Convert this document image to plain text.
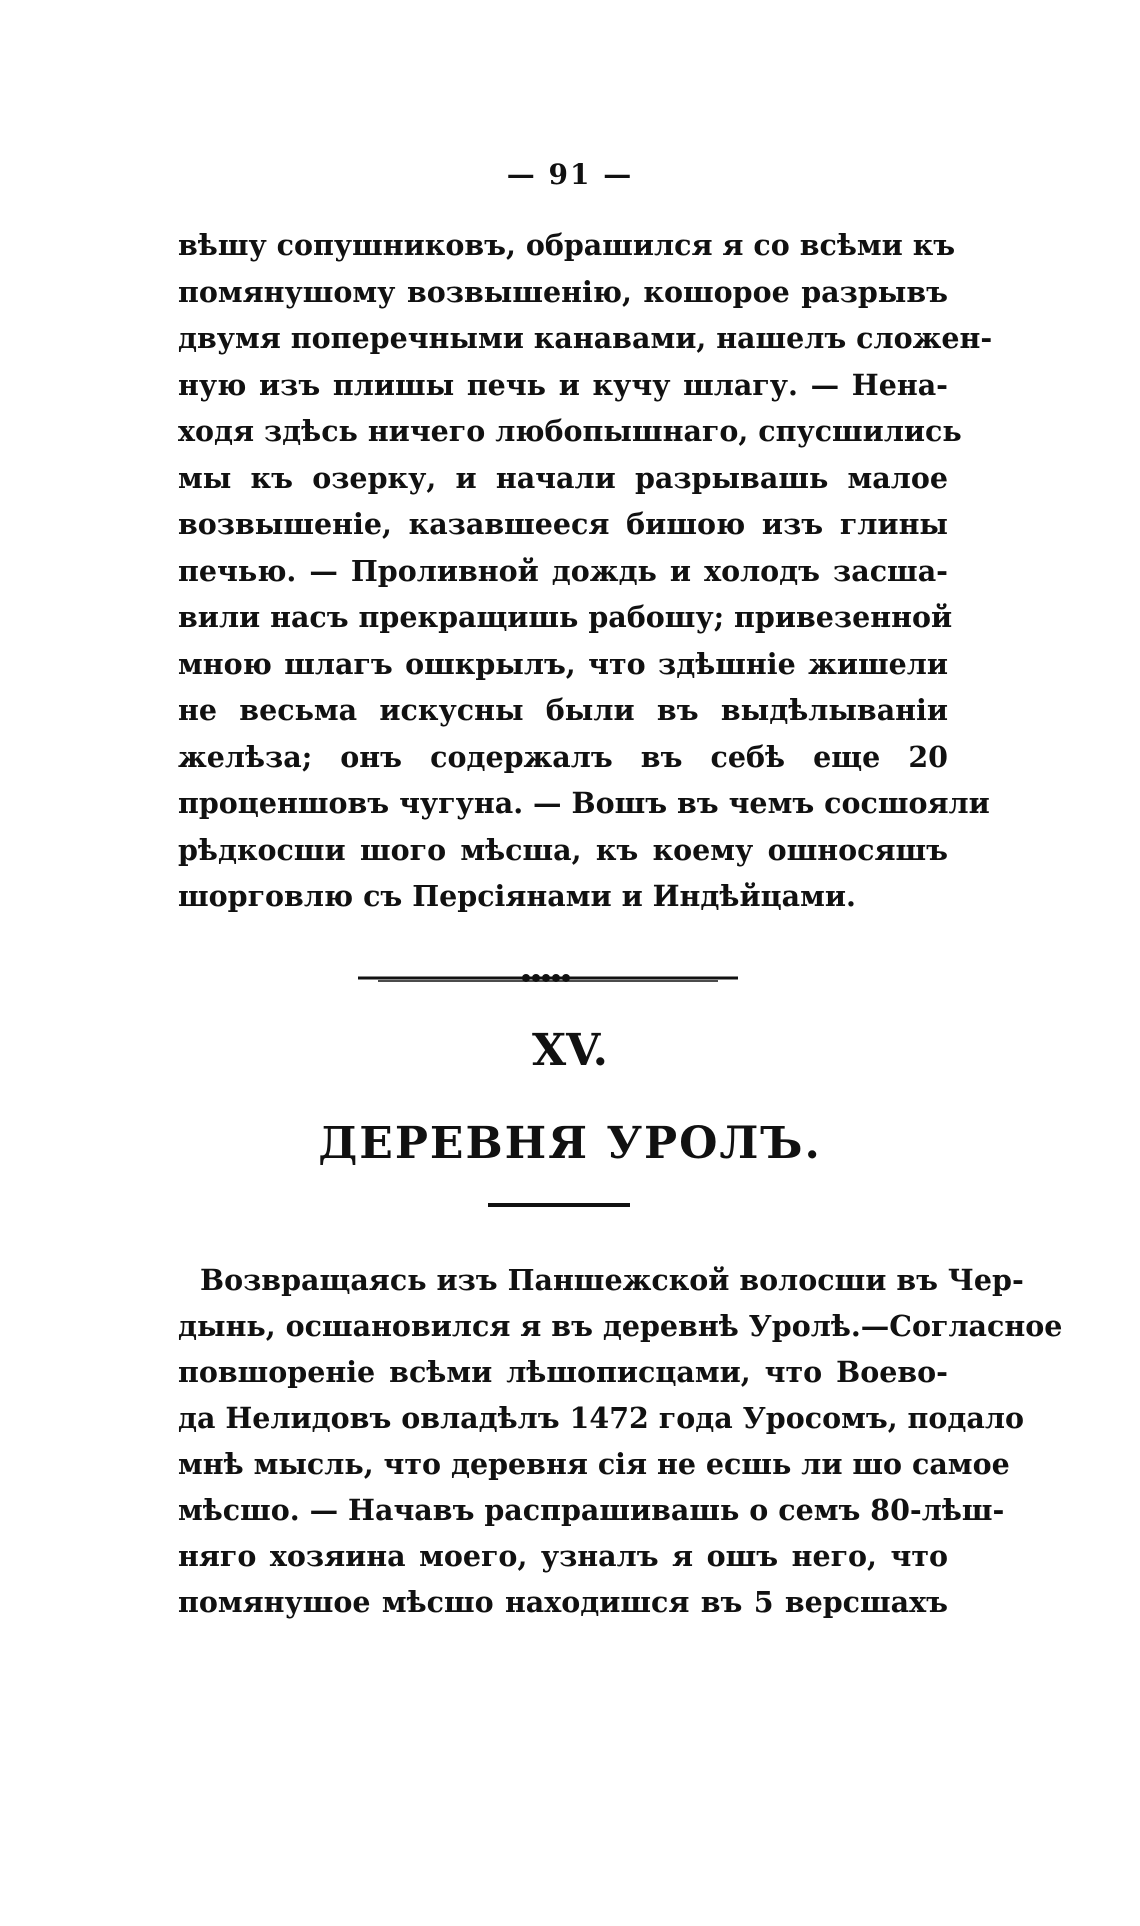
— 91 —
вѣшу сопушниковъ, обрашился я со всѣми къ
помянушому возвышенію, кошорое разрывъ
двумя поперечными канавами, нашелъ сложен-
ную изъ плишы печь и кучу шлагу. — Нена-
ходя здѣсь ничего любопышнаго, спусшились
мы къ озерку, и начали разрывашь малое
возвышеніе, казавшееся бишою изъ глины
печью. — Проливной дождь и холодъ засша-
вили насъ прекращишь рабошу; привезенной
мною шлагъ ошкрылъ, что здѣшніе жишели
не весьма искусны были въ выдѣлывaніи
желѣза; онъ содержалъ въ себѣ еще 20
проценшовъ чугуна. — Вошъ въ чемъ сосшояли
рѣдкосши шого мѣсша, къ коему ошносяшъ
шорговлю съ Персіянами и Индѣйцами.
XV.
ДЕРЕВНЯ УРОЛЪ.
Возвращаясь изъ Паншежской волосши въ Чер-
дынь, осшановился я въ деревнѣ Уролѣ.—Согласное
повшореніе всѣми лѣшописцами, что Воево-
да Нелидовъ овладѣлъ 1472 года Уросомъ, подало
мнѣ мысль, что деревня сія не есшь ли шо самое
мѣсшо. — Начавъ распрашивашь о семъ 80-лѣш-
няго хозяина моего, узналъ я ошъ него, что
помянушое мѣсшо находишся въ 5 версшахъ
